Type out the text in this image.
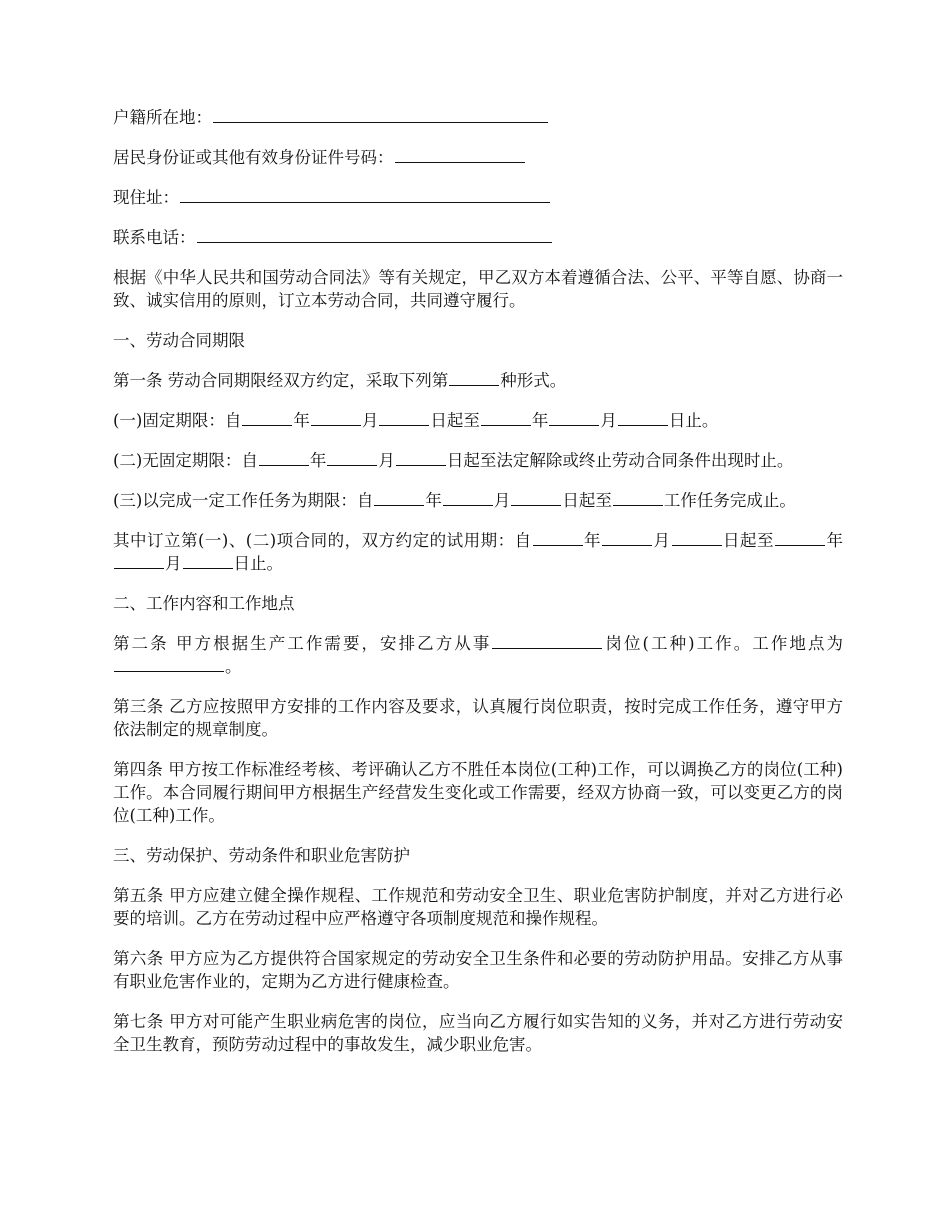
户籍所在地：

居民身份证或其他有效身份证件号码：

现住址：

联系电话：

根据《中华人民共和国劳动合同法》等有关规定，甲乙双方本着遵循合法、公平、平等自愿、协商一致、诚实信用的原则，订立本劳动合同，共同遵守履行。

一、劳动合同期限

第一条 劳动合同期限经双方约定，采取下列第	种形式。

(一)固定期限：自	年	月	日起至	年	月	日止。

(二)无固定期限：自	年	月	日起至法定解除或终止劳动合同条件出现时止。

(三)以完成一定工作任务为期限：自	年	月	日起至	工作任务完成止。

其中订立第(一)、(二)项合同的，双方约定的试用期：自	年	月	日起至	年月	日止。

二、工作内容和工作地点

第二条 甲方根据生产工作需要，安排乙方从事	岗位(工种)工作。工作地点为。

第三条 乙方应按照甲方安排的工作内容及要求，认真履行岗位职责，按时完成工作任务，遵守甲方依法制定的规章制度。

第四条 甲方按工作标准经考核、考评确认乙方不胜任本岗位(工种)工作，可以调换乙方的岗位(工种)工作。本合同履行期间甲方根据生产经营发生变化或工作需要，经双方协商一致，可以变更乙方的岗位(工种)工作。

三、劳动保护、劳动条件和职业危害防护

第五条 甲方应建立健全操作规程、工作规范和劳动安全卫生、职业危害防护制度，并对乙方进行必要的培训。乙方在劳动过程中应严格遵守各项制度规范和操作规程。

第六条 甲方应为乙方提供符合国家规定的劳动安全卫生条件和必要的劳动防护用品。安排乙方从事有职业危害作业的，定期为乙方进行健康检查。

第七条 甲方对可能产生职业病危害的岗位，应当向乙方履行如实告知的义务，并对乙方进行劳动安全卫生教育，预防劳动过程中的事故发生，减少职业危害。
